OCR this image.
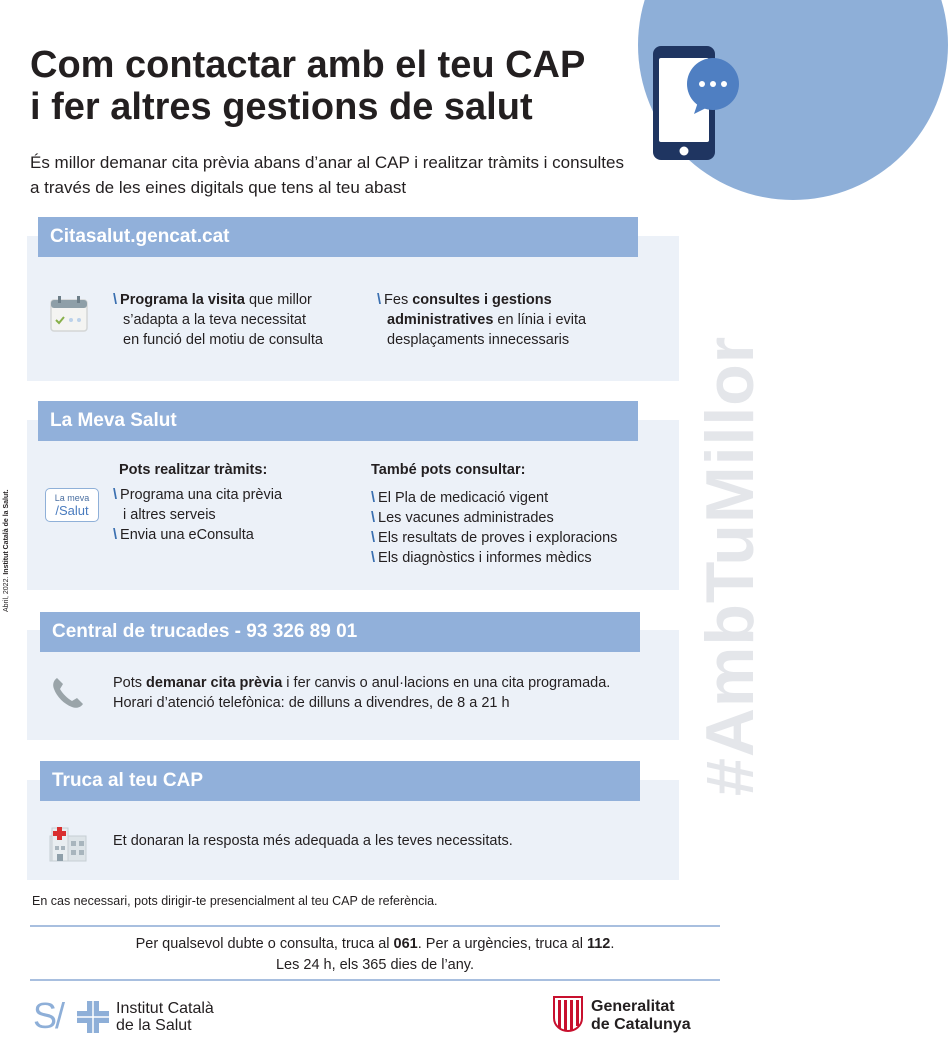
Com contactar amb el teu CAP
i fer altres gestions de salut
És millor demanar cita prèvia abans d’anar al CAP i realitzar tràmits i consultes a través de les eines digitals que tens al teu abast
#AmbTuMillor
Abril, 2022. Institut Català de la Salut.
Citasalut.gencat.cat
\ Programa la visita que millor
s’adapta a la teva necessitat
en funció del motiu de consulta
\ Fes consultes i gestions
administratives en línia i evita
desplaçaments innecessaris
La Meva Salut
La meva
/Salut
Pots realitzar tràmits:
\ Programa una cita prèvia
i altres serveis
\ Envia una eConsulta
També pots consultar:
\ El Pla de medicació vigent
\ Les vacunes administrades
\ Els resultats de proves i exploracions
\ Els diagnòstics i informes mèdics
Central de trucades - 93 326 89 01
Pots demanar cita prèvia i fer canvis o anul·lacions en una cita programada.
Horari d’atenció telefònica: de dilluns a divendres, de 8 a 21 h
Truca al teu CAP
Et donaran la resposta més adequada a les teves necessitats.
En cas necessari, pots dirigir-te presencialment al teu CAP de referència.
Per qualsevol dubte o consulta, truca al 061. Per a urgències, truca al 112.
Les 24 h, els 365 dies de l’any.
S/	Institut Català
de la Salut
Generalitat
de Catalunya
